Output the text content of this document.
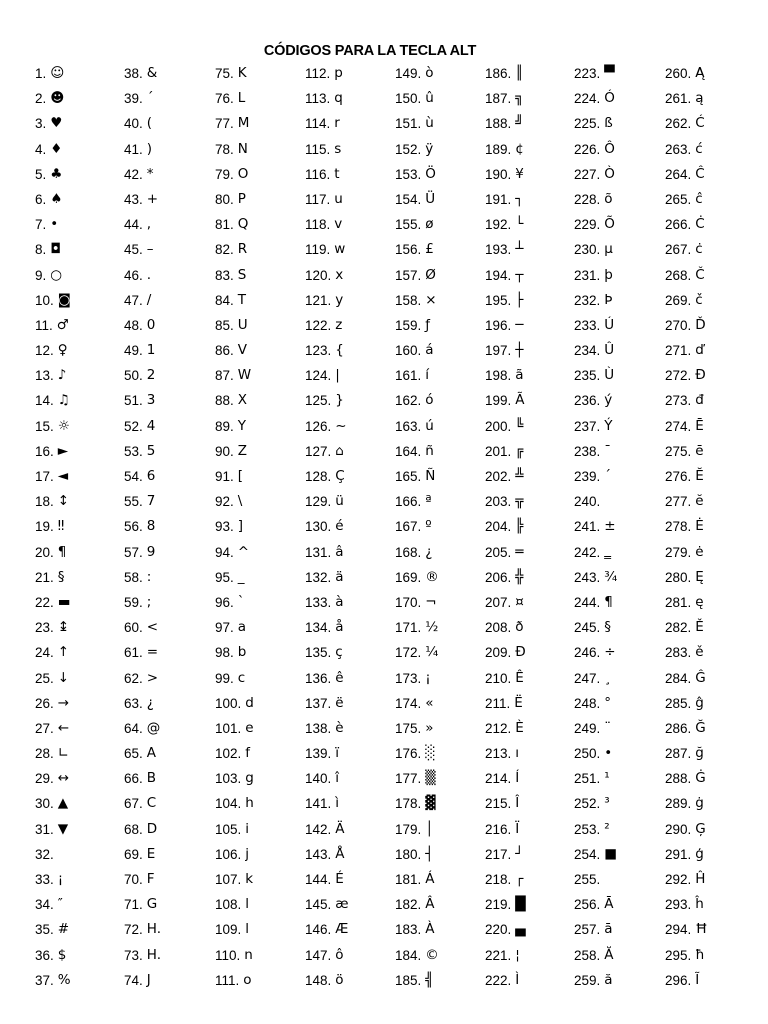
CÓDIGOS PARA LA TECLA ALT
1. ☺
2. ☻
3. ♥
4. ♦
5. ♣
6. ♠
7. •
8. ◘
9. ○
10. ◙
11. ♂
12. ♀
13. ♪
14. ♫
15. ☼
16. ►
17. ◄
18. ↕
19. ‼
20. ¶
21. §
22. ▬
23. ↨
24. ↑
25. ↓
26. →
27. ←
28. ∟
29. ↔
30. ▲
31. ▼
32.
33. ¡
34. ″
35. #
36. $
37. %
38. &
39. ´
40. (
41. )
42. *
43. +
44. ,
45. –
46. .
47. /
48. 0
49. 1
50. 2
51. 3
52. 4
53. 5
54. 6
55. 7
56. 8
57. 9
58. :
59. ;
60. <
61. =
62. >
63. ¿
64. @
65. A
66. B
67. C
68. D
69. E
70. F
71. G
72. H.
73. H.
74. J
75. K
76. L
77. M
78. N
79. O
80. P
81. Q
82. R
83. S
84. T
85. U
86. V
87. W
88. X
89. Y
90. Z
91. [
92. \
93. ]
94. ^
95. _
96. `
97. a
98. b
99. c
100. d
101. e
102. f
103. g
104. h
105. i
106. j
107. k
108. l
109. l
110. n
111. o
112. p
113. q
114. r
115. s
116. t
117. u
118. v
119. w
120. x
121. y
122. z
123. {
124. |
125. }
126. ~
127. ⌂
128. Ç
129. ü
130. é
131. â
132. ä
133. à
134. å
135. ç
136. ê
137. ë
138. è
139. ï
140. î
141. ì
142. Ä
143. Å
144. É
145. æ
146. Æ
147. ô
148. ö
149. ò
150. û
151. ù
152. ÿ
153. Ö
154. Ü
155. ø
156. £
157. Ø
158. ×
159. ƒ
160. á
161. í
162. ó
163. ú
164. ñ
165. Ñ
166. ª
167. º
168. ¿
169. ®
170. ¬
171. ½
172. ¼
173. ¡
174. «
175. »
176. ░
177. ▒
178. ▓
179. │
180. ┤
181. Á
182. Â
183. À
184. ©
185. ╣
186. ║
187. ╗
188. ╝
189. ¢
190. ¥
191. ┐
192. └
193. ┴
194. ┬
195. ├
196. ─
197. ┼
198. ã
199. Ã
200. ╚
201. ╔
202. ╩
203. ╦
204. ╠
205. ═
206. ╬
207. ¤
208. ð
209. Ð
210. Ê
211. Ë
212. È
213. ı
214. Í
215. Î
216. Ï
217. ┘
218. ┌
219. █
220. ▄
221. ¦
222. Ì
223. ▀
224. Ó
225. ß
226. Ô
227. Ò
228. õ
229. Õ
230. µ
231. þ
232. Þ
233. Ú
234. Û
235. Ù
236. ý
237. Ý
238. ¯
239. ´
240.
241. ±
242. ‗
243. ¾
244. ¶
245. §
246. ÷
247. ¸
248. °
249. ¨
250. •
251. ¹
252. ³
253. ²
254. ■
255.
256. Ā
257. ā
258. Ă
259. ă
260. Ą
261. ą
262. Ć
263. ć
264. Ĉ
265. ĉ
266. Ċ
267. ċ
268. Č
269. č
270. Ď
271. ď
272. Đ
273. đ
274. Ē
275. ē
276. Ĕ
277. ĕ
278. Ė
279. ė
280. Ę
281. ę
282. Ě
283. ě
284. Ĝ
285. ĝ
286. Ğ
287. ğ
288. Ġ
289. ġ
290. Ģ
291. ģ
292. Ĥ
293. ĥ
294. Ħ
295. ħ
296. Ĩ
